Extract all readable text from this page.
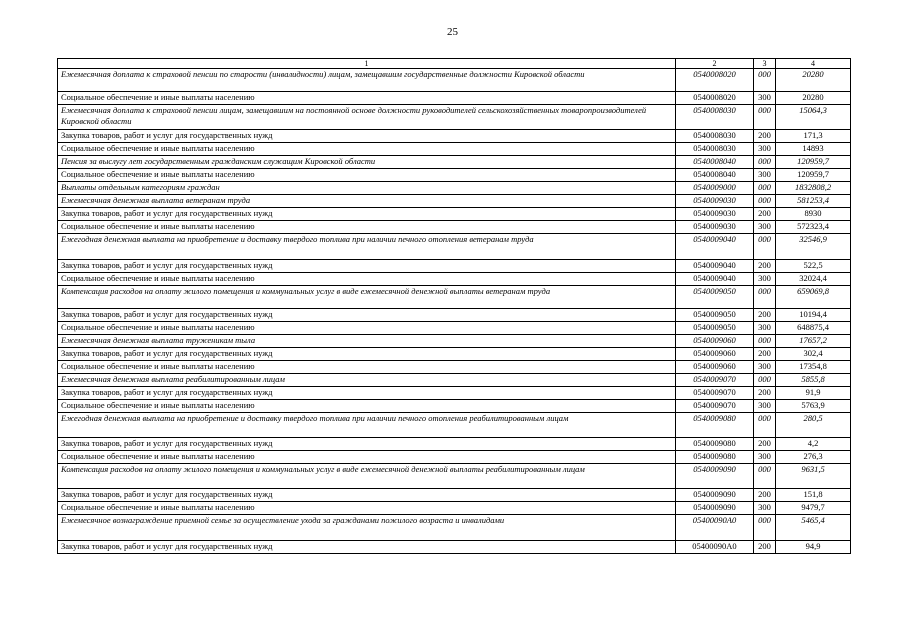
25
1	2	3	4
Ежемесячная доплата к страховой пенсии по старости (инвалидности) лицам, замещавшим государственные должности Кировской области	0540008020	000	20280
Социальное обеспечение и иные выплаты населению	0540008020	300	20280
Ежемесячная доплата к страховой пенсии лицам, замещавшим на постоянной основе должности руководителей сельскохозяйственных товаропроизводителей Кировской области	0540008030	000	15064,3
Закупка товаров, работ и услуг для государственных нужд	0540008030	200	171,3
Социальное обеспечение и иные выплаты населению	0540008030	300	14893
Пенсия за выслугу лет государственным гражданским служащим Кировской области	0540008040	000	120959,7
Социальное обеспечение и иные выплаты населению	0540008040	300	120959,7
Выплаты отдельным категориям граждан	0540009000	000	1832808,2
Ежемесячная денежная выплата ветеранам труда	0540009030	000	581253,4
Закупка товаров, работ и услуг для государственных нужд	0540009030	200	8930
Социальное обеспечение и иные выплаты населению	0540009030	300	572323,4
Ежегодная денежная выплата на приобретение и доставку твердого топлива при наличии печного отопления ветеранам труда	0540009040	000	32546,9
Закупка товаров, работ и услуг для государственных нужд	0540009040	200	522,5
Социальное обеспечение и иные выплаты населению	0540009040	300	32024,4
Компенсация расходов на оплату жилого помещения и коммунальных услуг в виде ежемесячной денежной выплаты ветеранам труда	0540009050	000	659069,8
Закупка товаров, работ и услуг для государственных нужд	0540009050	200	10194,4
Социальное обеспечение и иные выплаты населению	0540009050	300	648875,4
Ежемесячная денежная выплата труженикам тыла	0540009060	000	17657,2
Закупка товаров, работ и услуг для государственных нужд	0540009060	200	302,4
Социальное обеспечение и иные выплаты населению	0540009060	300	17354,8
Ежемесячная денежная выплата реабилитированным лицам	0540009070	000	5855,8
Закупка товаров, работ и услуг для государственных нужд	0540009070	200	91,9
Социальное обеспечение и иные выплаты населению	0540009070	300	5763,9
Ежегодная денежная выплата на приобретение и доставку твердого топлива при наличии печного отопления реабилитированным лицам	0540009080	000	280,5
Закупка товаров, работ и услуг для государственных нужд	0540009080	200	4,2
Социальное обеспечение и иные выплаты населению	0540009080	300	276,3
Компенсация расходов на оплату жилого помещения и коммунальных услуг в виде ежемесячной денежной выплаты реабилитированным лицам	0540009090	000	9631,5
Закупка товаров, работ и услуг для государственных нужд	0540009090	200	151,8
Социальное обеспечение и иные выплаты населению	0540009090	300	9479,7
Ежемесячное вознаграждение приемной семье за осуществление ухода за гражданами пожилого возраста и инвалидами	05400090А0	000	5465,4
Закупка товаров, работ и услуг для государственных нужд	05400090А0	200	94,9
